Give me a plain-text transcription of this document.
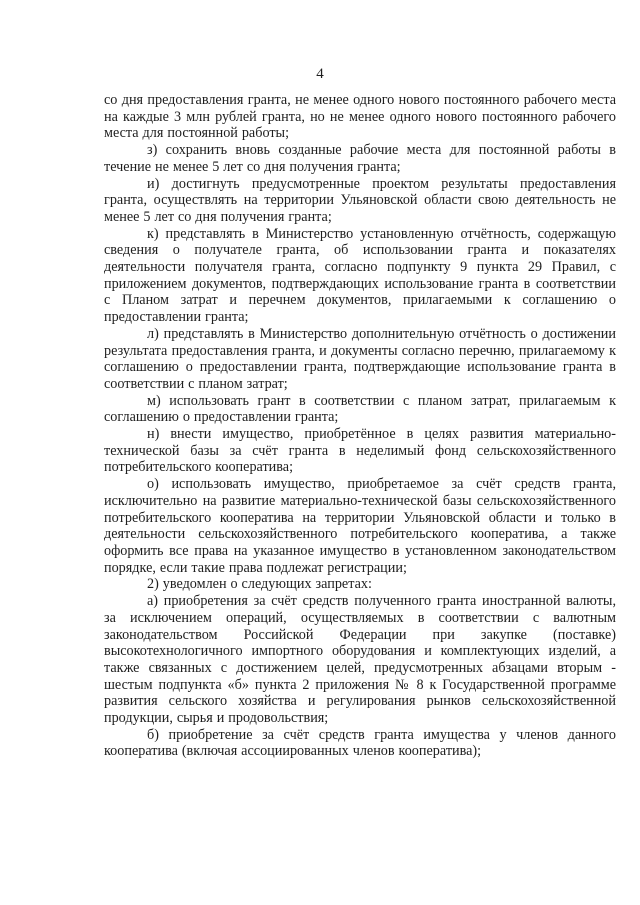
4

со дня предоставления гранта, не менее одного нового постоянного рабочего места на каждые 3 млн рублей гранта, но не менее одного нового постоянного рабочего места для постоянной работы;

з) сохранить вновь созданные рабочие места для постоянной работы в течение не менее 5 лет со дня получения гранта;

и) достигнуть предусмотренные проектом результаты предоставления гранта, осуществлять на территории Ульяновской области свою деятельность не менее 5 лет со дня получения гранта;

к) представлять в Министерство установленную отчётность, содержащую сведения о получателе гранта, об использовании гранта и показателях деятельности получателя гранта, согласно подпункту 9 пункта 29 Правил, с приложением документов, подтверждающих использование гранта в соответствии с Планом затрат и перечнем документов, прилагаемыми к соглашению о предоставлении гранта;

л) представлять в Министерство дополнительную отчётность о достижении результата предоставления гранта, и документы согласно перечню, прилагаемому к соглашению о предоставлении гранта, подтверждающие использование гранта в соответствии с планом затрат;

м) использовать грант в соответствии с планом затрат, прилагаемым к соглашению о предоставлении гранта;

н) внести имущество, приобретённое в целях развития материально-технической базы за счёт гранта в неделимый фонд сельскохозяйственного потребительского кооператива;

о) использовать имущество, приобретаемое за счёт средств гранта, исключительно на развитие материально-технической базы сельскохозяйственного потребительского кооператива на территории Ульяновской области и только в деятельности сельскохозяйственного потребительского кооператива, а также оформить все права на указанное имущество в установленном законодательством порядке, если такие права подлежат регистрации;

2) уведомлен о следующих запретах:

а) приобретения за счёт средств полученного гранта иностранной валюты, за исключением операций, осуществляемых в соответствии с валютным законодательством Российской Федерации при закупке (поставке) высокотехнологичного импортного оборудования и комплектующих изделий, а также связанных с достижением целей, предусмотренных абзацами вторым - шестым подпункта «б» пункта 2 приложения № 8 к Государственной программе развития сельского хозяйства и регулирования рынков сельскохозяйственной продукции, сырья и продовольствия;

б) приобретение за счёт средств гранта имущества у членов данного кооператива (включая ассоциированных членов кооператива);
